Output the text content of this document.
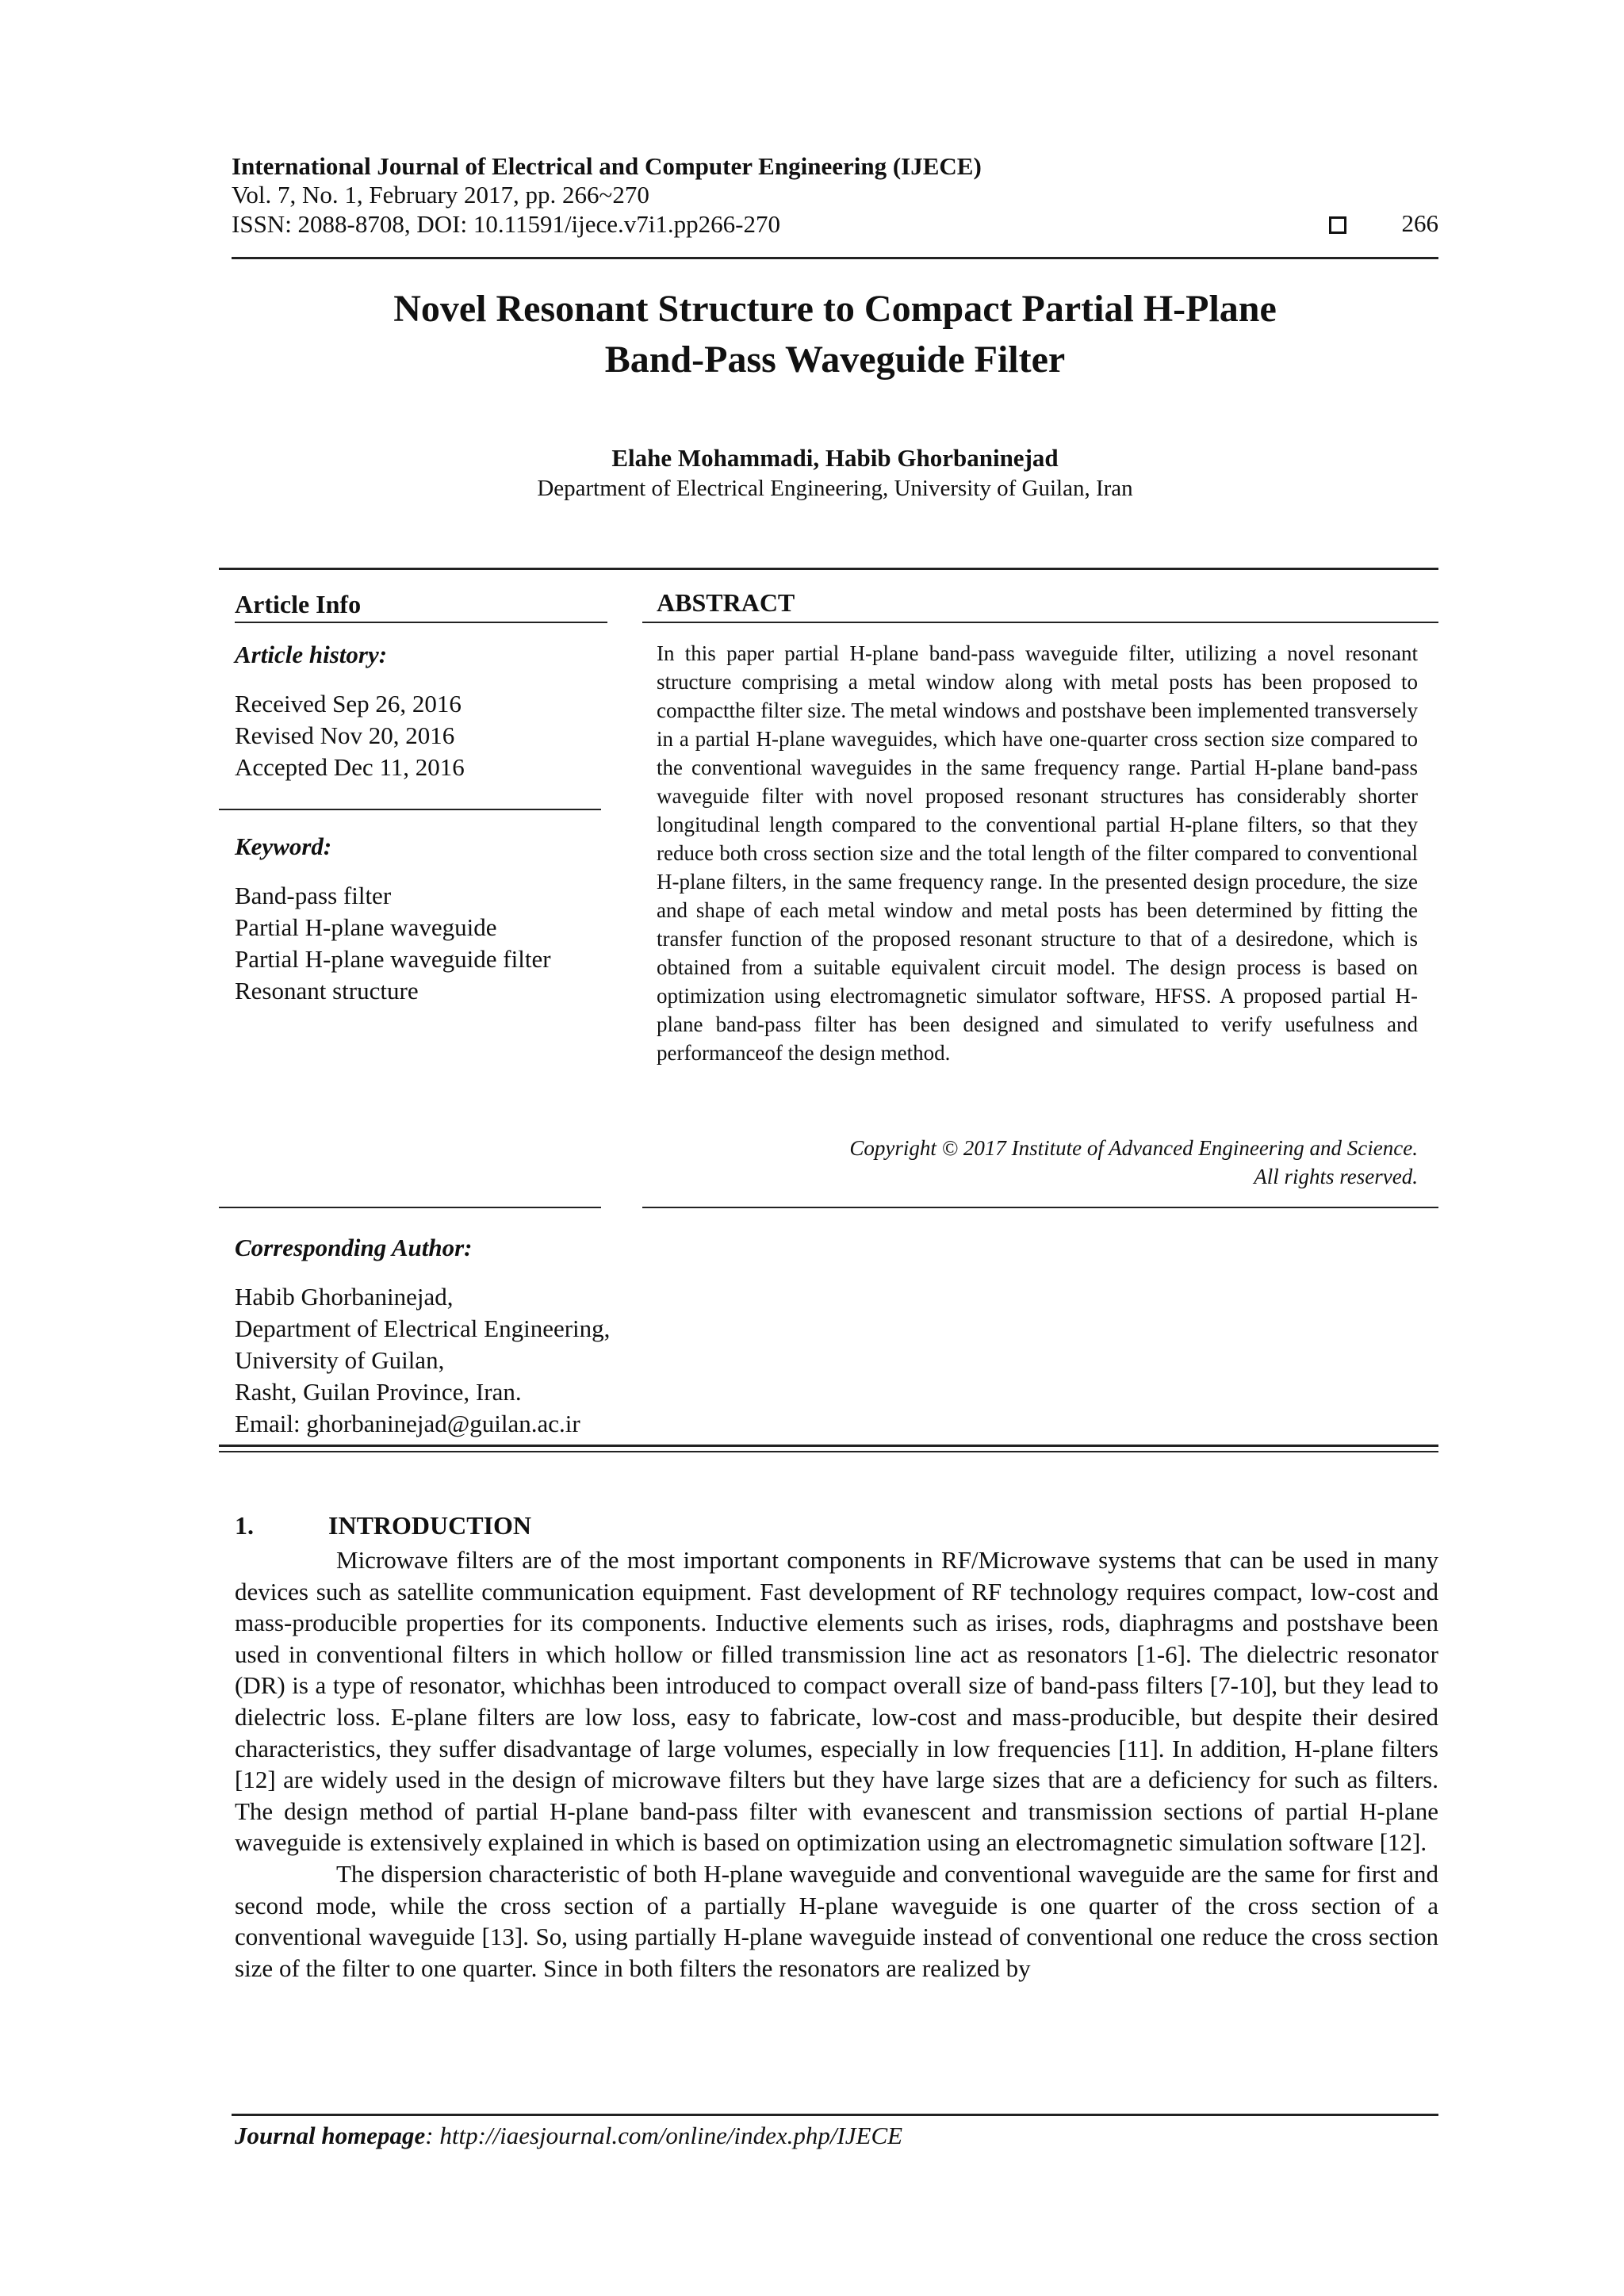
International Journal of Electrical and Computer Engineering (IJECE)
Vol. 7, No. 1, February 2017, pp. 266~270
ISSN: 2088-8708, DOI: 10.11591/ijece.v7i1.pp266-270	266
Novel Resonant Structure to Compact Partial H-Plane
Band-Pass Waveguide Filter
Elahe Mohammadi, Habib Ghorbaninejad
Department of Electrical Engineering, University of Guilan, Iran
Article Info
Article history:
Received Sep 26, 2016
Revised Nov 20, 2016
Accepted Dec 11, 2016
Keyword:
Band-pass filter
Partial H-plane waveguide
Partial H-plane waveguide filter
Resonant structure
ABSTRACT
In this paper partial H-plane band-pass waveguide filter, utilizing a novel resonant structure comprising a metal window along with metal posts has been proposed to compactthe filter size. The metal windows and postshave been implemented transversely in a partial H-plane waveguides, which have one-quarter cross section size compared to the conventional waveguides in the same frequency range. Partial H-plane band-pass waveguide filter with novel proposed resonant structures has considerably shorter longitudinal length compared to the conventional partial H-plane filters, so that they reduce both cross section size and the total length of the filter compared to conventional H-plane filters, in the same frequency range. In the presented design procedure, the size and shape of each metal window and metal posts has been determined by fitting the transfer function of the proposed resonant structure to that of a desiredone, which is obtained from a suitable equivalent circuit model. The design process is based on optimization using electromagnetic simulator software, HFSS. A proposed partial H-plane band-pass filter has been designed and simulated to verify usefulness and performanceof the design method.
Copyright © 2017 Institute of Advanced Engineering and Science.
All rights reserved.
Corresponding Author:
Habib Ghorbaninejad,
Department of Electrical Engineering,
University of Guilan,
Rasht, Guilan Province, Iran.
Email: ghorbaninejad@guilan.ac.ir
1.	INTRODUCTION

Microwave filters are of the most important components in RF/Microwave systems that can be used in many devices such as satellite communication equipment. Fast development of RF technology requires compact, low-cost and mass-producible properties for its components. Inductive elements such as irises, rods, diaphragms and postshave been used in conventional filters in which hollow or filled transmission line act as resonators [1-6]. The dielectric resonator (DR) is a type of resonator, whichhas been introduced to compact overall size of band-pass filters [7-10], but they lead to dielectric loss. E-plane filters are low loss, easy to fabricate, low-cost and mass-producible, but despite their desired characteristics, they suffer disadvantage of large volumes, especially in low frequencies [11]. In addition, H-plane filters [12] are widely used in the design of microwave filters but they have large sizes that are a deficiency for such as filters. The design method of partial H-plane band-pass filter with evanescent and transmission sections of partial H-plane waveguide is extensively explained in which is based on optimization using an electromagnetic simulation software [12].

The dispersion characteristic of both H-plane waveguide and conventional waveguide are the same for first and second mode, while the cross section of a partially H-plane waveguide is one quarter of the cross section of a conventional waveguide [13]. So, using partially H-plane waveguide instead of conventional one reduce the cross section size of the filter to one quarter. Since in both filters the resonators are realized by

Journal homepage: http://iaesjournal.com/online/index.php/IJECE
